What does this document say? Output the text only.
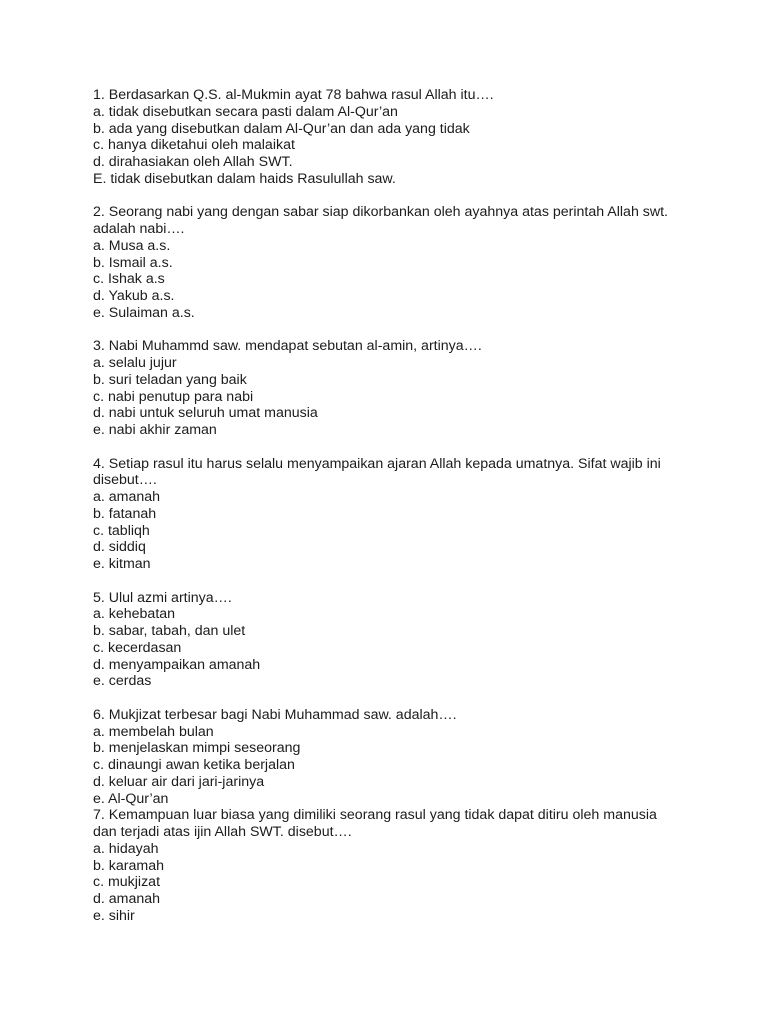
1. Berdasarkan Q.S. al-Mukmin ayat 78 bahwa rasul Allah itu….
a. tidak disebutkan secara pasti dalam Al-Qur’an
b. ada yang disebutkan dalam Al-Qur’an dan ada yang tidak
c. hanya diketahui oleh malaikat
d. dirahasiakan oleh Allah SWT.
E. tidak disebutkan dalam haids Rasulullah saw.
2. Seorang nabi yang dengan sabar siap dikorbankan oleh ayahnya atas perintah Allah swt. adalah nabi….
a. Musa a.s.
b. Ismail a.s.
c. Ishak a.s
d. Yakub a.s.
e. Sulaiman a.s.
3. Nabi Muhammd saw. mendapat sebutan al-amin, artinya….
a. selalu jujur
b. suri teladan yang baik
c. nabi penutup para nabi
d. nabi untuk seluruh umat manusia
e. nabi akhir zaman
4. Setiap rasul itu harus selalu menyampaikan ajaran Allah kepada umatnya. Sifat wajib ini disebut….
a. amanah
b. fatanah
c. tabliqh
d. siddiq
e. kitman
5. Ulul azmi artinya….
a. kehebatan
b. sabar, tabah, dan ulet
c. kecerdasan
d. menyampaikan amanah
e. cerdas
6. Mukjizat terbesar bagi Nabi Muhammad saw. adalah….
a. membelah bulan
b. menjelaskan mimpi seseorang
c. dinaungi awan ketika berjalan
d. keluar air dari jari-jarinya
e. Al-Qur’an
7. Kemampuan luar biasa yang dimiliki seorang rasul yang tidak dapat ditiru oleh manusia dan terjadi atas ijin Allah SWT. disebut….
a. hidayah
b. karamah
c. mukjizat
d. amanah
e. sihir
